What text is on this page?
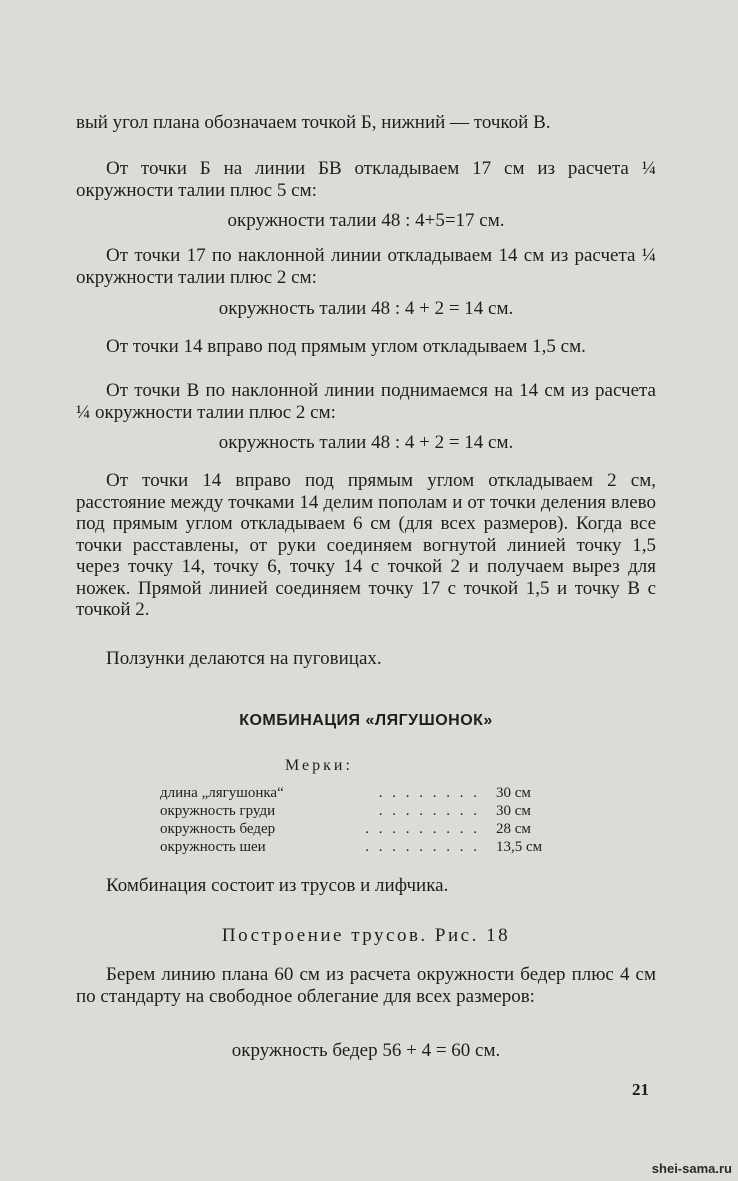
вый угол плана обозначаем точкой Б, нижний — точкой В.

От точки Б на линии БВ откладываем 17 см из расчета ¼ окружности талии плюс 5 см:

окружности талии 48 : 4+5=17 см.

От точки 17 по наклонной линии откладываем 14 см из расчета ¼ окружности талии плюс 2 см:

окружность талии 48 : 4 + 2 = 14 см.

От точки 14 вправо под прямым углом откладываем 1,5 см.

От точки В по наклонной линии поднимаемся на 14 см из расчета ¼ окружности талии плюс 2 см:

окружность талии 48 : 4 + 2 = 14 см.

От точки 14 вправо под прямым углом откладываем 2 см, расстояние между точками 14 делим пополам и от точки деления влево под прямым углом откладываем 6 см (для всех размеров). Когда все точки расставлены, от руки соединяем вогнутой линией точку 1,5 через точку 14, точку 6, точку 14 с точкой 2 и получаем вырез для ножек. Прямой линией соединяем точку 17 с точкой 1,5 и точку В с точкой 2.

Ползунки делаются на пуговицах.

КОМБИНАЦИЯ «ЛЯГУШОНОК»

Мерки:

длина „лягушонка“	. . . . . . . . 30 см
окружность груди	. . . . . . . . 30 см
окружность бедер	. . . . . . . . . 28 см
окружность шеи	. . . . . . . . . 13,5 см

Комбинация состоит из трусов и лифчика.

Построение трусов. Рис. 18

Берем линию плана 60 см из расчета окружности бедер плюс 4 см по стандарту на свободное облегание для всех размеров:

окружность бедер 56 + 4 = 60 см.

21
shei-sama.ru
